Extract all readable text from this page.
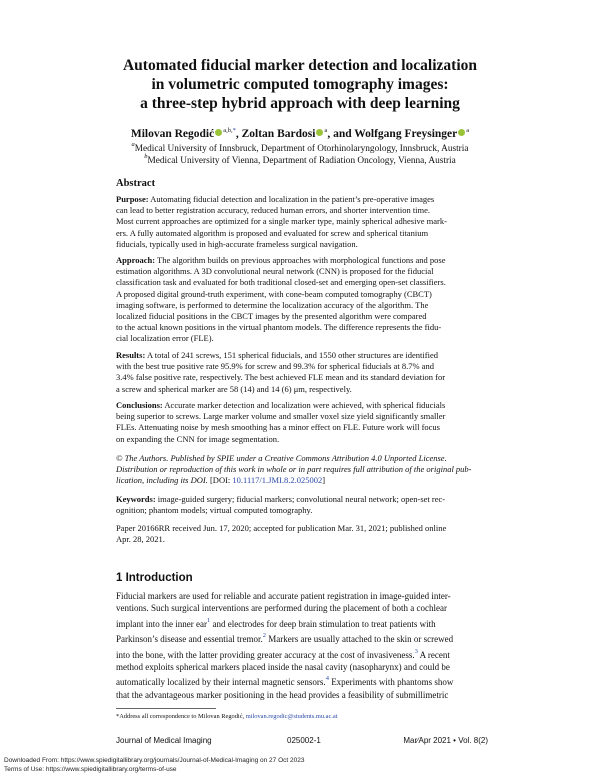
Automated fiducial marker detection and localization
in volumetric computed tomography images:
a three-step hybrid approach with deep learning
Milovan Regodić $^{a,b,*}$, Zoltan Bardosi $^a$, and Wolfgang Freysinger $^a$
$^a$Medical University of Innsbruck, Department of Otorhinolaryngology, Innsbruck, Austria
$^b$Medical University of Vienna, Department of Radiation Oncology, Vienna, Austria
Abstract
Purpose: Automating fiducial detection and localization in the patient’s pre-operative images
can lead to better registration accuracy, reduced human errors, and shorter intervention time.
Most current approaches are optimized for a single marker type, mainly spherical adhesive mark-
ers. A fully automated algorithm is proposed and evaluated for screw and spherical titanium
fiducials, typically used in high-accurate frameless surgical navigation.
Approach: The algorithm builds on previous approaches with morphological functions and pose
estimation algorithms. A 3D convolutional neural network (CNN) is proposed for the fiducial
classification task and evaluated for both traditional closed-set and emerging open-set classifiers.
A proposed digital ground-truth experiment, with cone-beam computed tomography (CBCT)
imaging software, is performed to determine the localization accuracy of the algorithm. The
localized fiducial positions in the CBCT images by the presented algorithm were compared
to the actual known positions in the virtual phantom models. The difference represents the fidu-
cial localization error (FLE).
Results: A total of 241 screws, 151 spherical fiducials, and 1550 other structures are identified
with the best true positive rate 95.9% for screw and 99.3% for spherical fiducials at 8.7% and
3.4% false positive rate, respectively. The best achieved FLE mean and its standard deviation for
a screw and spherical marker are 58 (14) and 14 (6) μm, respectively.
Conclusions: Accurate marker detection and localization were achieved, with spherical fiducials
being superior to screws. Large marker volume and smaller voxel size yield significantly smaller
FLEs. Attenuating noise by mesh smoothing has a minor effect on FLE. Future work will focus
on expanding the CNN for image segmentation.
© The Authors. Published by SPIE under a Creative Commons Attribution 4.0 Unported License.
Distribution or reproduction of this work in whole or in part requires full attribution of the original pub-
lication, including its DOI. [DOI: 10.1117/1.JMI.8.2.025002]
Keywords: image-guided surgery; fiducial markers; convolutional neural network; open-set rec-
ognition; phantom models; virtual computed tomography.
Paper 20166RR received Jun. 17, 2020; accepted for publication Mar. 31, 2021; published online
Apr. 28, 2021.
1 Introduction
Fiducial markers are used for reliable and accurate patient registration in image-guided inter-
ventions. Such surgical interventions are performed during the placement of both a cochlear
implant into the inner ear$^1$ and electrodes for deep brain stimulation to treat patients with
Parkinson’s disease and essential tremor.$^2$ Markers are usually attached to the skin or screwed
into the bone, with the latter providing greater accuracy at the cost of invasiveness.$^3$ A recent
method exploits spherical markers placed inside the nasal cavity (nasopharynx) and could be
automatically localized by their internal magnetic sensors.$^4$ Experiments with phantoms show
that the advantageous marker positioning in the head provides a feasibility of submillimetric
*Address all correspondence to Milovan Regodić, milovan.regodic@students.mu.ac.at
Journal of Medical Imaging	025002-1	Mar∕Apr 2021 • Vol. 8(2)
Downloaded From: https://www.spiedigitallibrary.org/journals/Journal-of-Medical-Imaging on 27 Oct 2023
Terms of Use: https://www.spiedigitallibrary.org/terms-of-use
